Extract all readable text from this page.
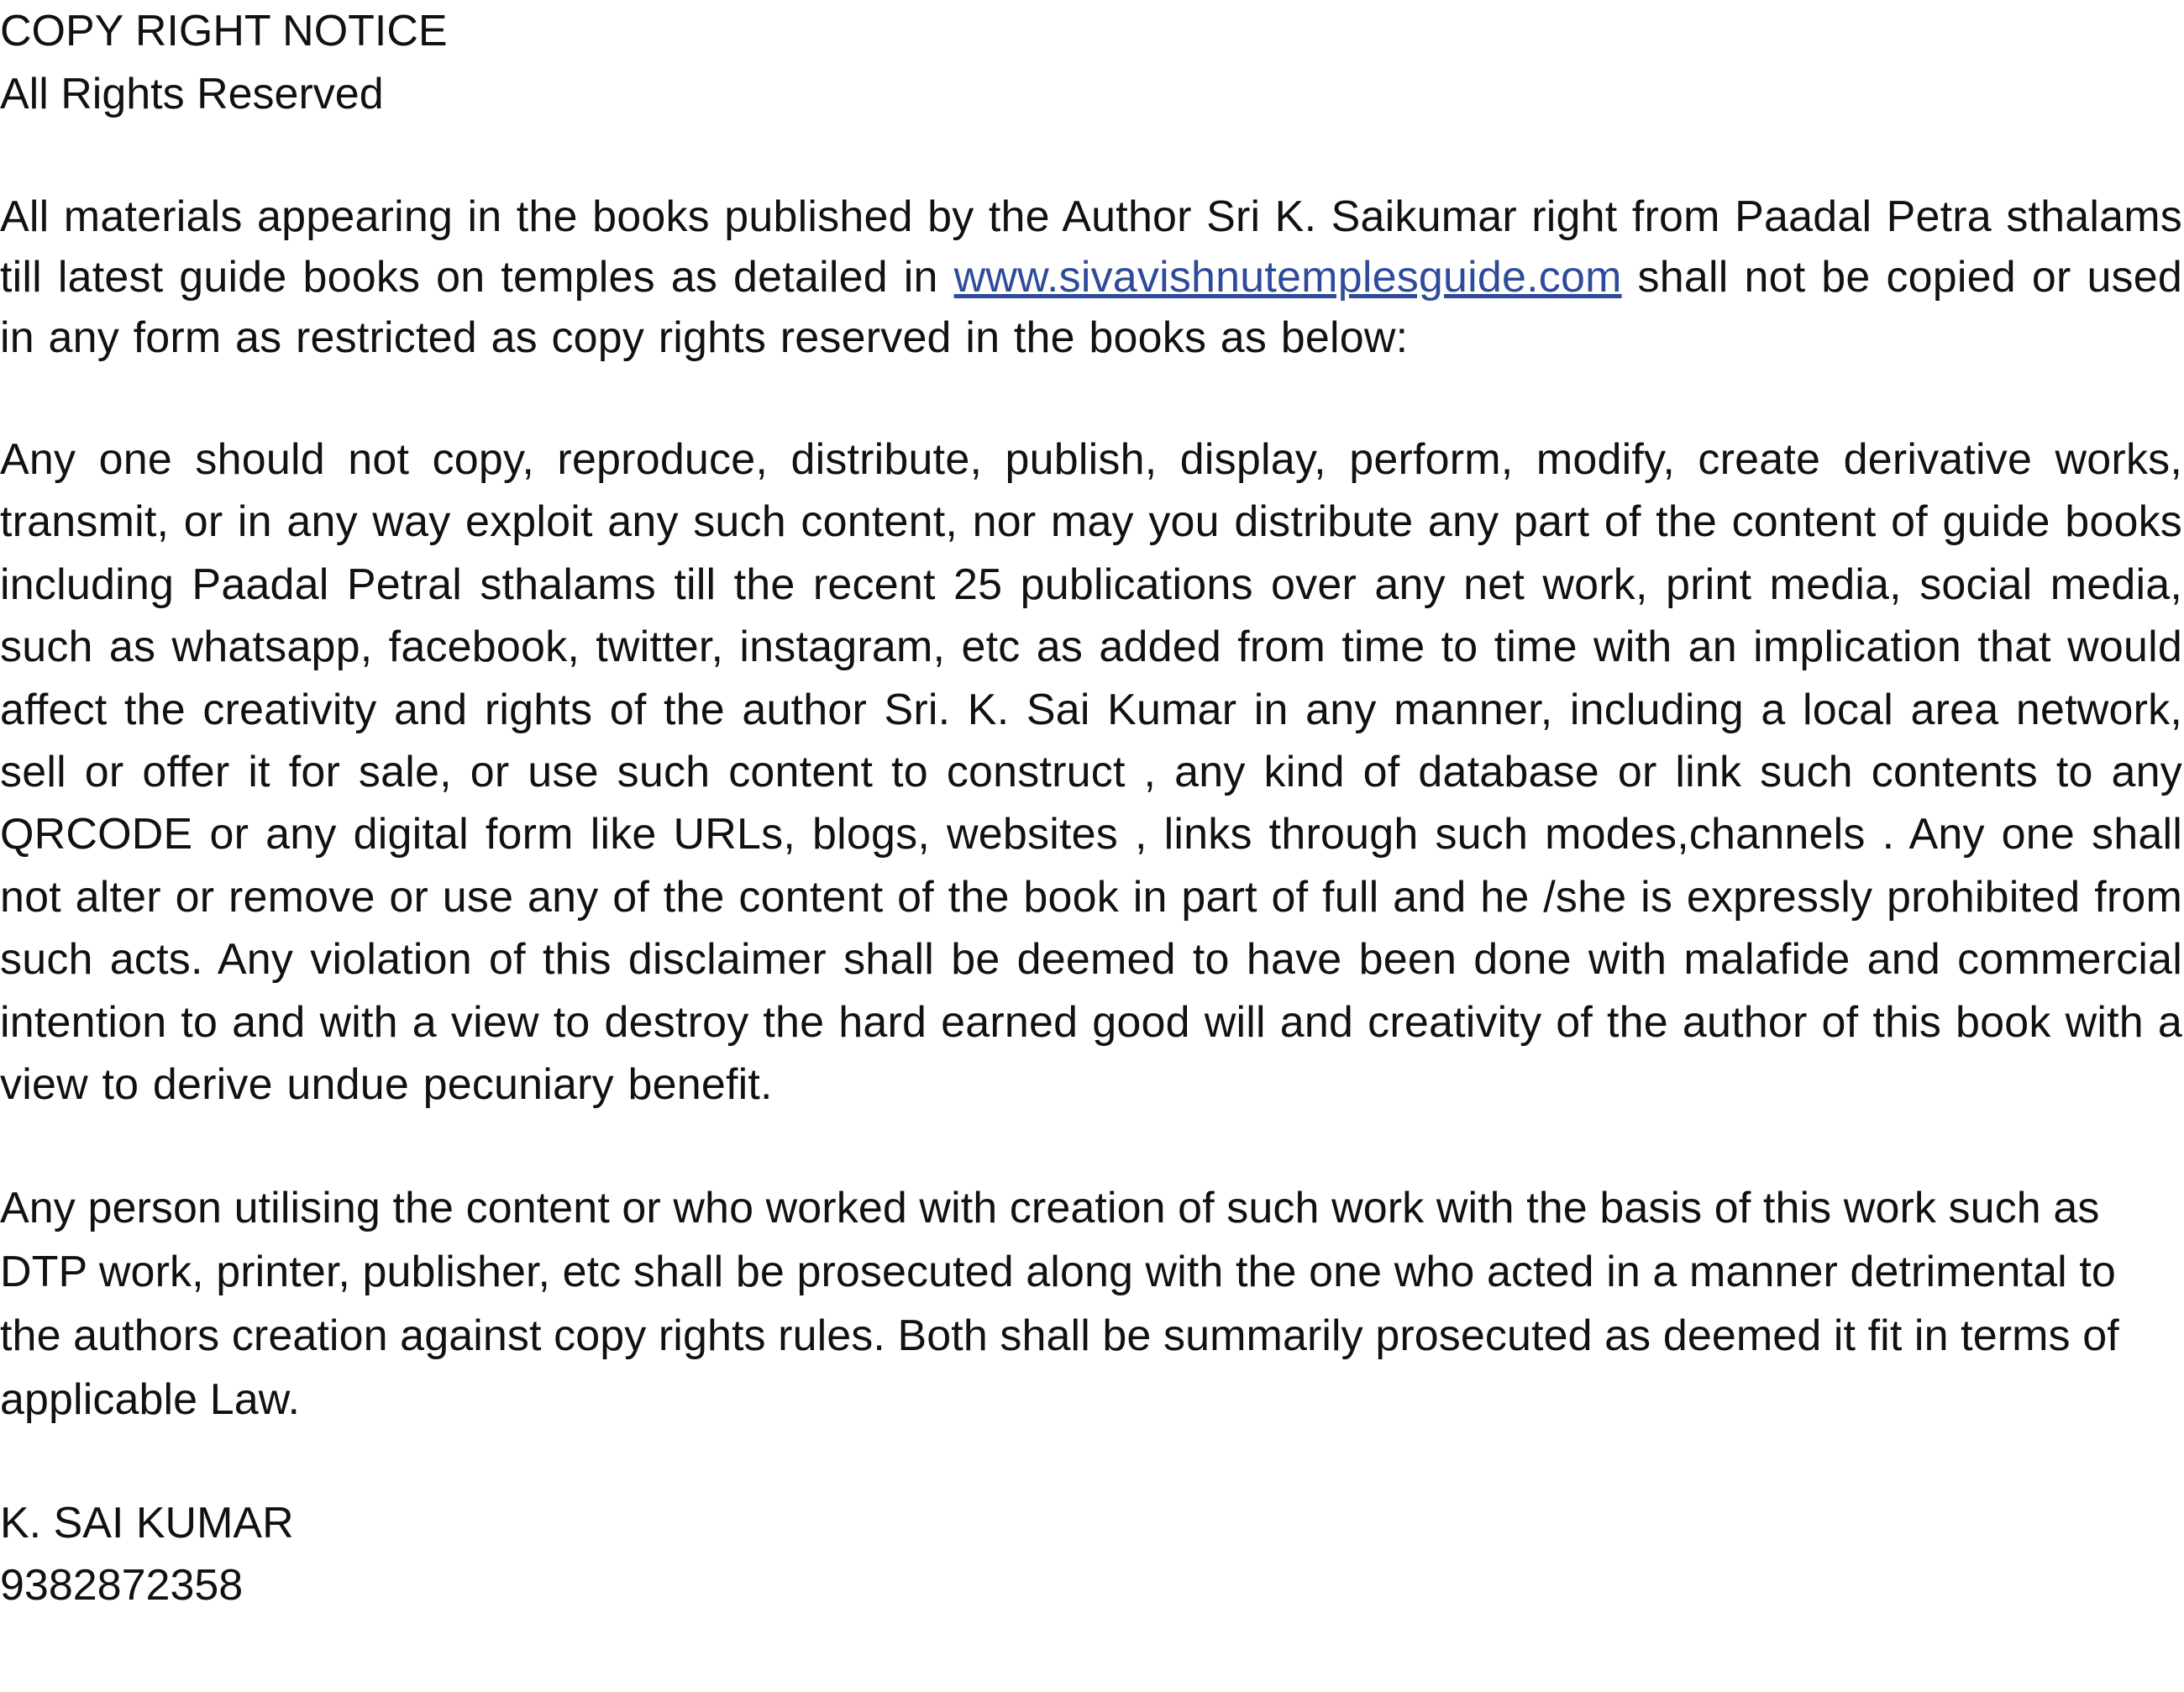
COPY RIGHT NOTICE

All Rights Reserved

All materials appearing in the books published by the Author Sri K. Saikumar right from Paadal Petra sthalams till latest guide books on temples as detailed in www.sivavishnutemplesguide.com shall not be copied or used in any form as restricted as copy rights reserved in the books as below:

Any one should not copy, reproduce, distribute, publish, display, perform, modify, create derivative works, transmit, or in any way exploit any such content, nor may you distribute any part of the content of guide books including Paadal Petral sthalams till the recent 25 publications over any net work, print media, social media, such as whatsapp, facebook, twitter, instagram, etc as added from time to time with an implication that would affect the creativity and rights of the author Sri. K. Sai Kumar in any manner, including a local area network, sell or offer it for sale, or use such content to construct , any kind of database or link such contents to any QRCODE or any digital form like URLs, blogs, websites , links through such modes,channels . Any one shall not alter or remove or use any of the content of the book in part of full and he /she is expressly prohibited from such acts. Any violation of this disclaimer shall be deemed to have been done with malafide and commercial intention to and with a view to destroy the hard earned good will and creativity of the author of this book with a view to derive undue pecuniary benefit.

Any person utilising the content or who worked with creation of such work with the basis of this work such as DTP work, printer, publisher, etc shall be prosecuted along with the one who acted in a manner detrimental to the authors creation against copy rights rules. Both shall be summarily prosecuted as deemed it fit in terms of applicable Law.

K. SAI KUMAR

9382872358
